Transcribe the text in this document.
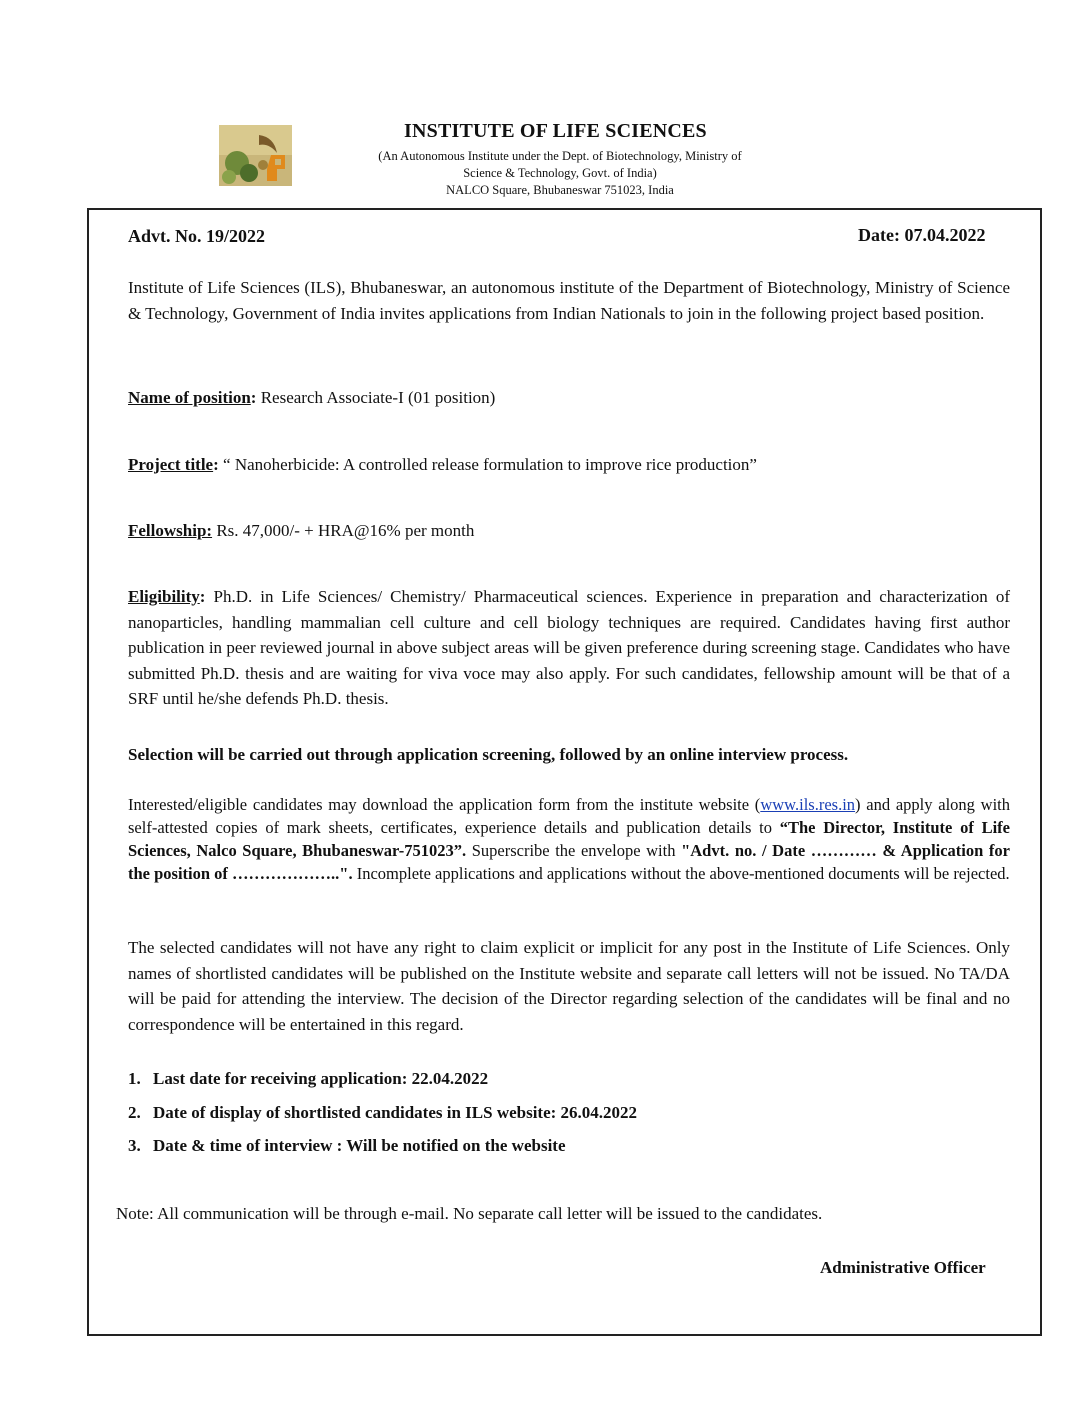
INSTITUTE OF LIFE SCIENCES
(An Autonomous Institute under the Dept. of Biotechnology, Ministry of
Science & Technology, Govt. of India)
NALCO Square, Bhubaneswar 751023, India
Advt. No. 19/2022	Date: 07.04.2022
Institute of Life Sciences (ILS), Bhubaneswar, an autonomous institute of the Department of Biotechnology, Ministry of Science & Technology, Government of India invites applications from Indian Nationals to join in the following project based position.
Name of position: Research Associate-I (01 position)
Project title: “ Nanoherbicide: A controlled release formulation to improve rice production”
Fellowship: Rs. 47,000/- + HRA@16% per month
Eligibility: Ph.D. in Life Sciences/ Chemistry/ Pharmaceutical sciences. Experience in preparation and characterization of nanoparticles, handling mammalian cell culture and cell biology techniques are required. Candidates having first author publication in peer reviewed journal in above subject areas will be given preference during screening stage. Candidates who have submitted Ph.D. thesis and are waiting for viva voce may also apply. For such candidates, fellowship amount will be that of a SRF until he/she defends Ph.D. thesis.
Selection will be carried out through application screening, followed by an online interview process.
Interested/eligible candidates may download the application form from the institute website (www.ils.res.in) and apply along with self-attested copies of mark sheets, certificates, experience details and publication details to “The Director, Institute of Life Sciences, Nalco Square, Bhubaneswar-751023”. Superscribe the envelope with "Advt. no. / Date ………… & Application for the position of ………………..". Incomplete applications and applications without the above-mentioned documents will be rejected.
The selected candidates will not have any right to claim explicit or implicit for any post in the Institute of Life Sciences. Only names of shortlisted candidates will be published on the Institute website and separate call letters will not be issued. No TA/DA will be paid for attending the interview. The decision of the Director regarding selection of the candidates will be final and no correspondence will be entertained in this regard.
1. Last date for receiving application: 22.04.2022
2. Date of display of shortlisted candidates in ILS website: 26.04.2022
3. Date & time of interview : Will be notified on the website
Note: All communication will be through e-mail. No separate call letter will be issued to the candidates.
Administrative Officer
